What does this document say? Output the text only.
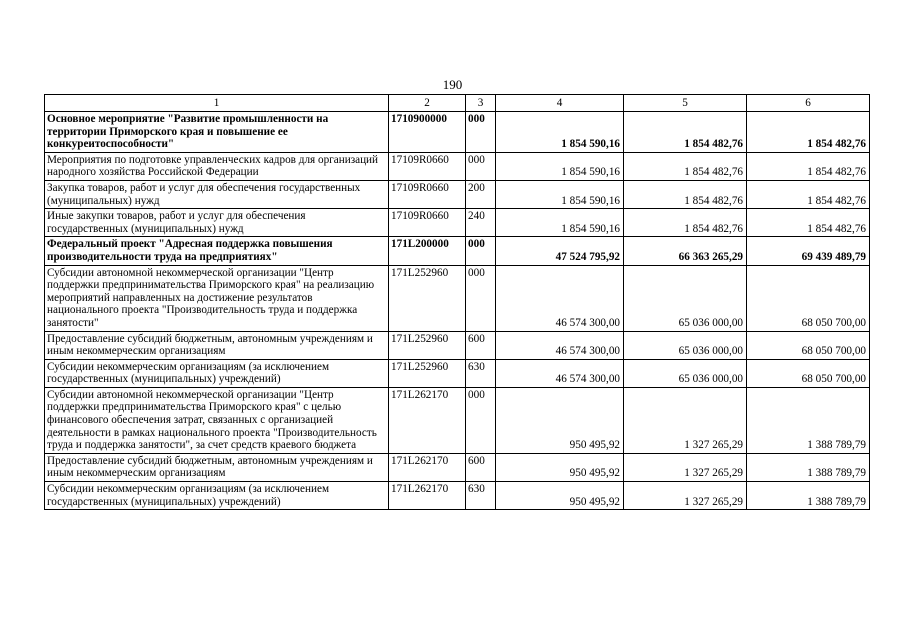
190
1	2	3	4	5	6
Основное мероприятие "Развитие промышленности на территории Приморского края и повышение ее конкуреитоспособности"	1710900000	000	1 854 590,16	1 854 482,76	1 854 482,76
Мероприятия по подготовке управленческих кадров для организаций народного хозяйства Российской Федерации	17109R0660	000	1 854 590,16	1 854 482,76	1 854 482,76
Закупка товаров, работ и услуг для обеспечения государственных (муниципальных) нужд	17109R0660	200	1 854 590,16	1 854 482,76	1 854 482,76
Иные закупки товаров, работ и услуг для обеспечения государственных (муниципальных) нужд	17109R0660	240	1 854 590,16	1 854 482,76	1 854 482,76
Федеральный проект "Адресная поддержка повышения производительности труда на предприятиях"	171L200000	000	47 524 795,92	66 363 265,29	69 439 489,79
Субсидии автономной некоммерческой организации "Центр поддержки предпринимательства Приморского края" на реализацию мероприятий направленных на достижение результатов национального проекта "Производительность труда и поддержка занятости"	171L252960	000	46 574 300,00	65 036 000,00	68 050 700,00
Предоставление субсидий бюджетным, автономным учреждениям и иным некоммерческим организациям	171L252960	600	46 574 300,00	65 036 000,00	68 050 700,00
Субсидии некоммерческим организациям (за исключением государственных (муниципальных) учреждений)	171L252960	630	46 574 300,00	65 036 000,00	68 050 700,00
Субсидии автономной некоммерческой организации "Центр поддержки предпринимательства Приморского края" с целью финансового обеспечения затрат, связанных с организацией деятельности в рамках национального проекта "Производительность труда и поддержка занятости", за счет средств краевого бюджета	171L262170	000	950 495,92	1 327 265,29	1 388 789,79
Предоставление субсидий бюджетным, автономным учреждениям и иным некоммерческим организациям	171L262170	600	950 495,92	1 327 265,29	1 388 789,79
Субсидии некоммерческим организациям (за исключением государственных (муниципальных) учреждений)	171L262170	630	950 495,92	1 327 265,29	1 388 789,79
